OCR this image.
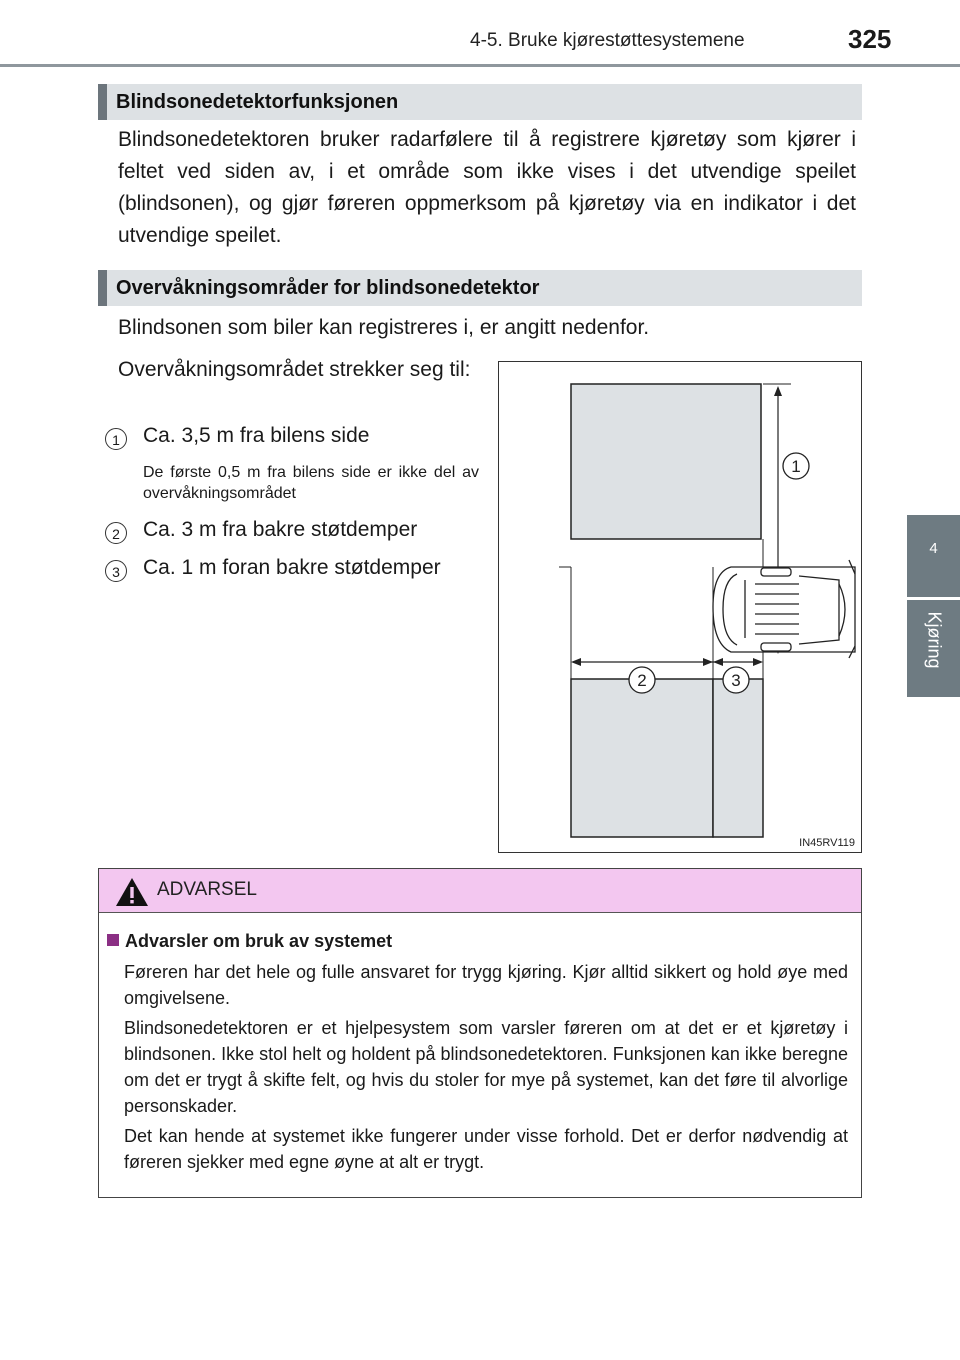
4-5. Bruke kjørestøttesystemene	325
4
Kjøring
Blindsonedetektorfunksjonen
Blindsonedetektoren bruker radarfølere til å registrere kjøretøy som kjører i feltet ved siden av, i et område som ikke vises i det utvendige speilet (blindsonen), og gjør føreren oppmerksom på kjøretøy via en indikator i det utvendige speilet.
Overvåkningsområder for blindsonedetektor
Blindsonen som biler kan registreres i, er angitt nedenfor.
Overvåkningsområdet strekker seg til:
1	Ca. 3,5 m fra bilens side
De første 0,5 m fra bilens side er ikke del av overvåkningsområdet
2	Ca. 3 m fra bakre støtdemper
3	Ca. 1 m foran bakre støtdemper
1
2	3
IN45RV119
ADVARSEL
Advarsler om bruk av systemet
Føreren har det hele og fulle ansvaret for trygg kjøring. Kjør alltid sikkert og hold øye med omgivelsene.
Blindsonedetektoren er et hjelpesystem som varsler føreren om at det er et kjøretøy i blindsonen. Ikke stol helt og holdent på blindsonedetektoren. Funksjonen kan ikke beregne om det er trygt å skifte felt, og hvis du stoler for mye på systemet, kan det føre til alvorlige personskader.
Det kan hende at systemet ikke fungerer under visse forhold. Det er derfor nødvendig at føreren sjekker med egne øyne at alt er trygt.
